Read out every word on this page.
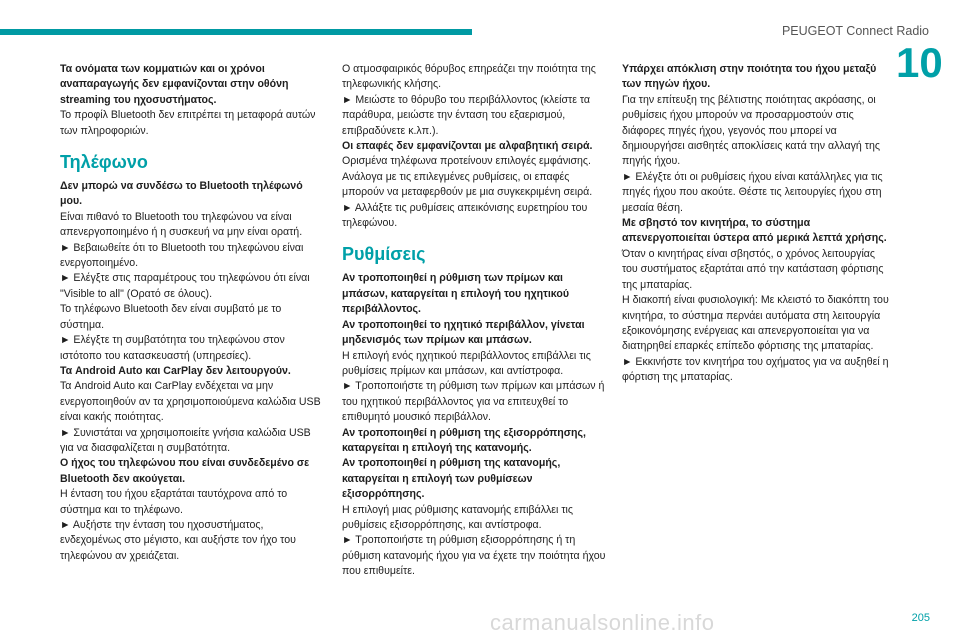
PEUGEOT Connect Radio
10

Τα ονόματα των κομματιών και οι χρόνοι αναπαραγωγής δεν εμφανίζονται στην οθόνη streaming του ηχοσυστήματος.

Το προφίλ Bluetooth δεν επιτρέπει τη μεταφορά αυτών των πληροφοριών.

Τηλέφωνο

Δεν μπορώ να συνδέσω το Bluetooth τηλέφωνό μου.

Είναι πιθανό το Bluetooth του τηλεφώνου να είναι απενεργοποιημένο ή η συσκευή να μην είναι ορατή.

► Βεβαιωθείτε ότι το Bluetooth του τηλεφώνου είναι ενεργοποιημένο.

► Ελέγξτε στις παραμέτρους του τηλεφώνου ότι είναι "Visible to all" (Ορατό σε όλους).

Το τηλέφωνο Bluetooth δεν είναι συμβατό με το σύστημα.

► Ελέγξτε τη συμβατότητα του τηλεφώνου στον ιστότοπο του κατασκευαστή (υπηρεσίες).

Τα Android Auto και CarPlay δεν λειτουργούν.

Τα Android Auto και CarPlay ενδέχεται να μην ενεργοποιηθούν αν τα χρησιμοποιούμενα καλώδια USB είναι κακής ποιότητας.

► Συνιστάται να χρησιμοποιείτε γνήσια καλώδια USB για να διασφαλίζεται η συμβατότητα.

Ο ήχος του τηλεφώνου που είναι συνδεδεμένο σε Bluetooth δεν ακούγεται.

Η ένταση του ήχου εξαρτάται ταυτόχρονα από το σύστημα και το τηλέφωνο.

► Αυξήστε την ένταση του ηχοσυστήματος, ενδεχομένως στο μέγιστο, και αυξήστε τον ήχο του τηλεφώνου αν χρειάζεται.

Ο ατμοσφαιρικός θόρυβος επηρεάζει την ποιότητα της τηλεφωνικής κλήσης.

► Μειώστε το θόρυβο του περιβάλλοντος (κλείστε τα παράθυρα, μειώστε την ένταση του εξαερισμού, επιβραδύνετε κ.λπ.).

Οι επαφές δεν εμφανίζονται με αλφαβητική σειρά.

Ορισμένα τηλέφωνα προτείνουν επιλογές εμφάνισης. Ανάλογα με τις επιλεγμένες ρυθμίσεις, οι επαφές μπορούν να μεταφερθούν με μια συγκεκριμένη σειρά.

► Αλλάξτε τις ρυθμίσεις απεικόνισης ευρετηρίου του τηλεφώνου.

Ρυθμίσεις

Αν τροποποιηθεί η ρύθμιση των πρίμων και μπάσων, καταργείται η επιλογή του ηχητικού περιβάλλοντος.

Αν τροποποιηθεί το ηχητικό περιβάλλον, γίνεται μηδενισμός των πρίμων και μπάσων.

Η επιλογή ενός ηχητικού περιβάλλοντος επιβάλλει τις ρυθμίσεις πρίμων και μπάσων, και αντίστροφα.

► Τροποποιήστε τη ρύθμιση των πρίμων και μπάσων ή του ηχητικού περιβάλλοντος για να επιτευχθεί το επιθυμητό μουσικό περιβάλλον.

Αν τροποποιηθεί η ρύθμιση της εξισορρόπησης, καταργείται η επιλογή της κατανομής.

Αν τροποποιηθεί η ρύθμιση της κατανομής, καταργείται η επιλογή των ρυθμίσεων εξισορρόπησης.

Η επιλογή μιας ρύθμισης κατανομής επιβάλλει τις ρυθμίσεις εξισορρόπησης, και αντίστροφα.

► Τροποποιήστε τη ρύθμιση εξισορρόπησης ή τη ρύθμιση κατανομής ήχου για να έχετε την ποιότητα ήχου που επιθυμείτε.

Υπάρχει απόκλιση στην ποιότητα του ήχου μεταξύ των πηγών ήχου.

Για την επίτευξη της βέλτιστης ποιότητας ακρόασης, οι ρυθμίσεις ήχου μπορούν να προσαρμοστούν στις διάφορες πηγές ήχου, γεγονός που μπορεί να δημιουργήσει αισθητές αποκλίσεις κατά την αλλαγή της πηγής ήχου.

► Ελέγξτε ότι οι ρυθμίσεις ήχου είναι κατάλληλες για τις πηγές ήχου που ακούτε. Θέστε τις λειτουργίες ήχου στη μεσαία θέση.

Με σβηστό τον κινητήρα, το σύστημα απενεργοποιείται ύστερα από μερικά λεπτά χρήσης.

Όταν ο κινητήρας είναι σβηστός, ο χρόνος λειτουργίας του συστήματος εξαρτάται από την κατάσταση φόρτισης της μπαταρίας.

Η διακοπή είναι φυσιολογική: Με κλειστό το διακόπτη του κινητήρα, το σύστημα περνάει αυτόματα στη λειτουργία εξοικονόμησης ενέργειας και απενεργοποιείται για να διατηρηθεί επαρκές επίπεδο φόρτισης της μπαταρίας.

► Εκκινήστε τον κινητήρα του οχήματος για να αυξηθεί η φόρτιση της μπαταρίας.

carmanualsonline.info	205
